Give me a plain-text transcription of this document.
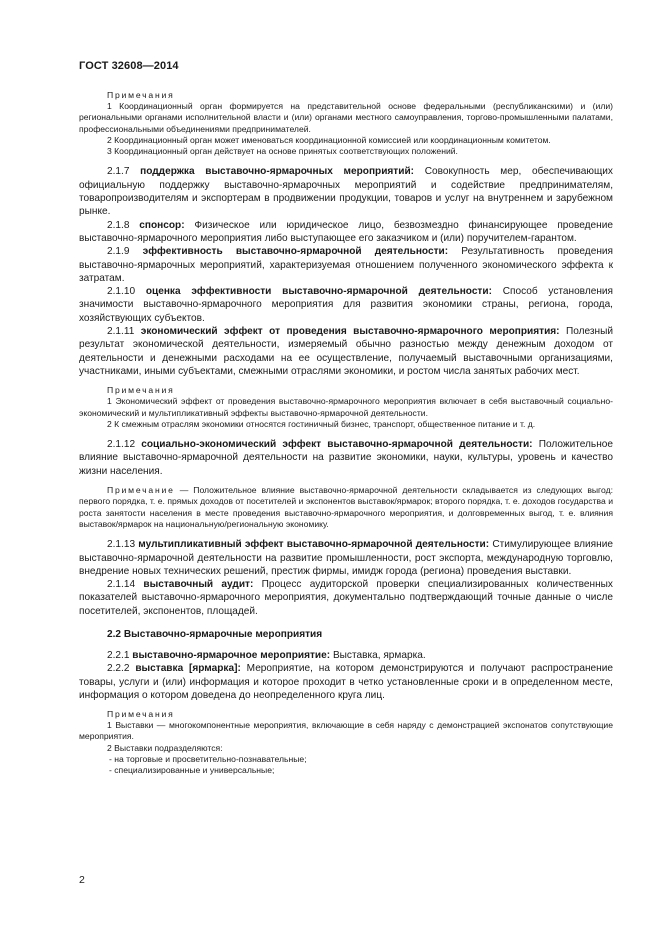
ГОСТ 32608—2014
Примечания

1 Координационный орган формируется на представительной основе федеральными (республиканскими) и (или) региональными органами исполнительной власти и (или) органами местного самоуправления, торгово-промышленными палатами, профессиональными объединениями предпринимателей.

2 Координационный орган может именоваться координационной комиссией или координационным комитетом.

3 Координационный орган действует на основе принятых соответствующих положений.

2.1.7 поддержка выставочно-ярмарочных мероприятий: Совокупность мер, обеспечивающих официальную поддержку выставочно-ярмарочных мероприятий и содействие предпринимателям, товаропроизводителям и экспортерам в продвижении продукции, товаров и услуг на внутреннем и зарубежном рынке.

2.1.8 спонсор: Физическое или юридическое лицо, безвозмездно финансирующее проведение выставочно-ярмарочного мероприятия либо выступающее его заказчиком и (или) поручителем-гарантом.

2.1.9 эффективность выставочно-ярмарочной деятельности: Результативность проведения выставочно-ярмарочных мероприятий, характеризуемая отношением полученного экономического эффекта к затратам.

2.1.10 оценка эффективности выставочно-ярмарочной деятельности: Способ установления значимости выставочно-ярмарочного мероприятия для развития экономики страны, региона, города, хозяйствующих субъектов.

2.1.11 экономический эффект от проведения выставочно-ярмарочного мероприятия: Полезный результат экономической деятельности, измеряемый обычно разностью между денежным доходом от деятельности и денежными расходами на ее осуществление, получаемый выставочными организациями, участниками, иными субъектами, смежными отраслями экономики, и ростом числа занятых рабочих мест.

Примечания

1 Экономический эффект от проведения выставочно-ярмарочного мероприятия включает в себя выставочный социально-экономический и мультипликативный эффекты выставочно-ярмарочной деятельности.

2 К смежным отраслям экономики относятся гостиничный бизнес, транспорт, общественное питание и т. д.

2.1.12 социально-экономический эффект выставочно-ярмарочной деятельности: Положительное влияние выставочно-ярмарочной деятельности на развитие экономики, науки, культуры, уровень и качество жизни населения.

Примечание — Положительное влияние выставочно-ярмарочной деятельности складывается из следующих выгод: первого порядка, т. е. прямых доходов от посетителей и экспонентов выставок/ярмарок; второго порядка, т. е. доходов государства и роста занятости населения в месте проведения выставочно-ярмарочного мероприятия, и долговременных выгод, т. е. влияния выставок/ярмарок на национальную/региональную экономику.

2.1.13 мультипликативный эффект выставочно-ярмарочной деятельности: Стимулирующее влияние выставочно-ярмарочной деятельности на развитие промышленности, рост экспорта, международную торговлю, внедрение новых технических решений, престиж фирмы, имидж города (региона) проведения выставки.

2.1.14 выставочный аудит: Процесс аудиторской проверки специализированных количественных показателей выставочно-ярмарочного мероприятия, документально подтверждающий точные данные о числе посетителей, экспонентов, площадей.

2.2 Выставочно-ярмарочные мероприятия

2.2.1 выставочно-ярмарочное мероприятие: Выставка, ярмарка.

2.2.2 выставка [ярмарка]: Мероприятие, на котором демонстрируются и получают распространение товары, услуги и (или) информация и которое проходит в четко установленные сроки и в определенном месте, информация о котором доведена до неопределенного круга лиц.

Примечания

1 Выставки — многокомпонентные мероприятия, включающие в себя наряду с демонстрацией экспонатов сопутствующие мероприятия.

2 Выставки подразделяются:

- на торговые и просветительно-познавательные;

- специализированные и универсальные;

2
